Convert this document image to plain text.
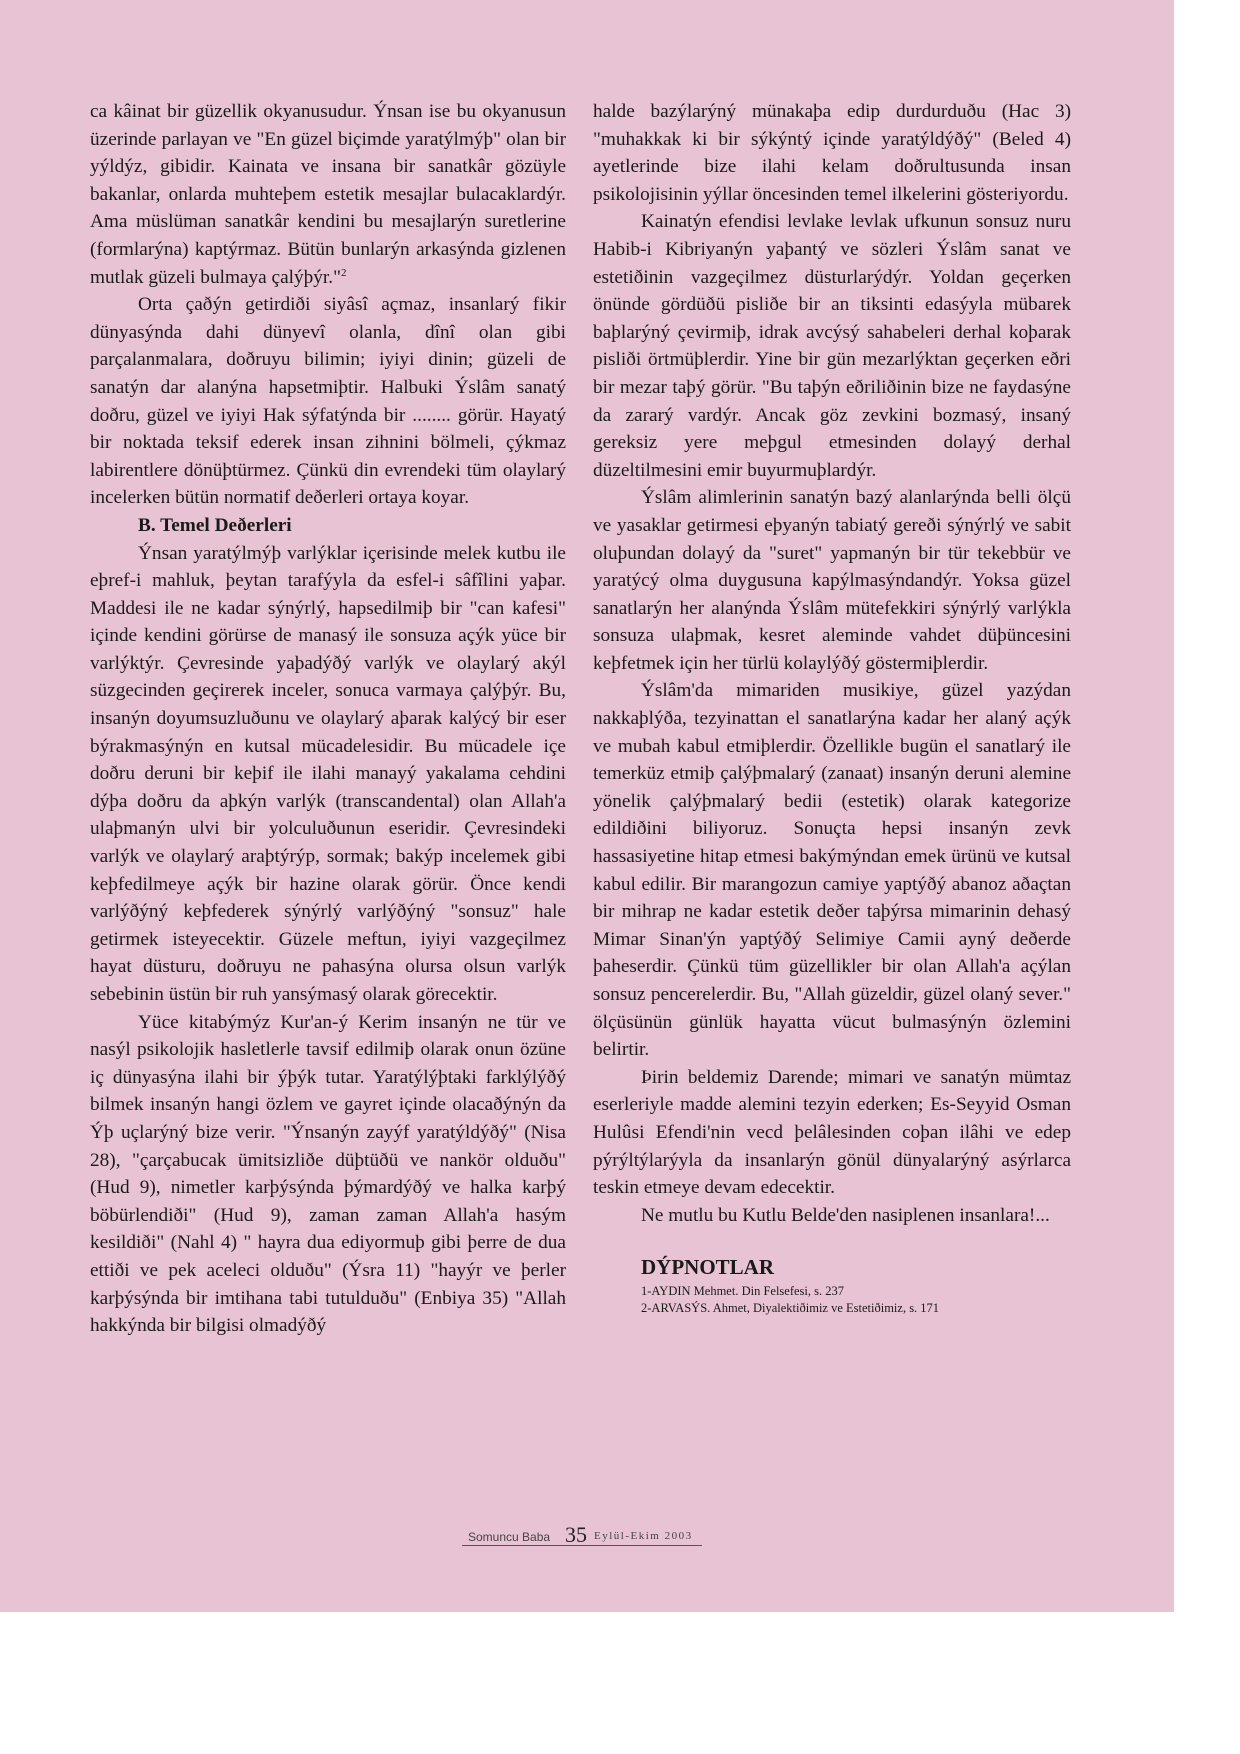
ca kâinat bir güzellik okyanusudur. Ýnsan ise bu okyanusun üzerinde parlayan ve "En güzel biçimde yaratýlmýþ" olan bir yýldýz, gibidir. Kainata ve insana bir sanatkâr gözüyle bakanlar, onlarda muhteþem estetik mesajlar bulacaklardýr. Ama müslüman sanatkâr kendini bu mesajlarýn suretlerine (formlarýna) kaptýrmaz. Bütün bunlarýn arkasýnda gizlenen mutlak güzeli bulmaya çalýþýr."$^2$

Orta çaðýn getirdiði siyâsî açmaz, insanlarý fikir dünyasýnda dahi dünyevî olanla, dînî olan gibi parçalanmalara, doðruyu bilimin; iyiyi dinin; güzeli de sanatýn dar alanýna hapsetmiþtir. Halbuki Ýslâm sanatý doðru, güzel ve iyiyi Hak sýfatýnda bir ........ görür. Hayatý bir noktada teksif ederek insan zihnini bölmeli, çýkmaz labirentlere dönüþtürmez. Çünkü din evrendeki tüm olaylarý incelerken bütün normatif deðerleri ortaya koyar.

B. Temel Deðerleri

Ýnsan yaratýlmýþ varlýklar içerisinde melek kutbu ile eþref-i mahluk, þeytan tarafýyla da esfel-i sâfîlini yaþar. Maddesi ile ne kadar sýnýrlý, hapsedilmiþ bir "can kafesi" içinde kendini görürse de manasý ile sonsuza açýk yüce bir varlýktýr. Çevresinde yaþadýðý varlýk ve olaylarý akýl süzgecinden geçirerek inceler, sonuca varmaya çalýþýr. Bu, insanýn doyumsuzluðunu ve olaylarý aþarak kalýcý bir eser býrakmasýnýn en kutsal mücadelesidir. Bu mücadele içe doðru deruni bir keþif ile ilahi manayý yakalama cehdini dýþa doðru da aþkýn varlýk (transcandental) olan Allah'a ulaþmanýn ulvi bir yolculuðunun eseridir. Çevresindeki varlýk ve olaylarý araþtýrýp, sormak; bakýp incelemek gibi keþfedilmeye açýk bir hazine olarak görür. Önce kendi varlýðýný keþfederek sýnýrlý varlýðýný "sonsuz" hale getirmek isteyecektir. Güzele meftun, iyiyi vazgeçilmez hayat düsturu, doðruyu ne pahasýna olursa olsun varlýk sebebinin üstün bir ruh yansýmasý olarak görecektir.

Yüce kitabýmýz Kur'an-ý Kerim insanýn ne tür ve nasýl psikolojik hasletlerle tavsif edilmiþ olarak onun özüne iç dünyasýna ilahi bir ýþýk tutar. Yaratýlýþtaki farklýlýðý bilmek insanýn hangi özlem ve gayret içinde olacaðýnýn da Ýþ uçlarýný bize verir. "Ýnsanýn zayýf yaratýldýðý" (Nisa 28), "çarçabucak ümitsizliðe düþtüðü ve nankör olduðu" (Hud 9), nimetler karþýsýnda þýmardýðý ve halka karþý böbürlendiði" (Hud 9), zaman zaman Allah'a hasým kesildiði" (Nahl 4) " hayra dua ediyormuþ gibi þerre de dua ettiði ve pek aceleci olduðu" (Ýsra 11) "hayýr ve þerler karþýsýnda bir imtihana tabi tutulduðu" (Enbiya 35) "Allah hakkýnda bir bilgisi olmadýðý

halde bazýlarýný münakaþa edip durdurduðu (Hac 3) "muhakkak ki bir sýkýntý içinde yaratýldýðý" (Beled 4) ayetlerinde bize ilahi kelam doðrultusunda insan psikolojisinin yýllar öncesinden temel ilkelerini göstеriyordu.

Kainatýn efendisi levlake levlak ufkunun sonsuz nuru Habib-i Kibriyanýn yaþantý ve sözleri Ýslâm sanat ve estetiðinin vazgeçilmez düsturlarýdýr. Yoldan geçerken önünde gördüðü pisliðe bir an tiksinti edasýyla mübarek baþlarýný çevirmiþ, idrak avcýsý sahabeleri derhal koþarak pisliði örtmüþlerdir. Yine bir gün mezarlýktan geçerken eðri bir mezar taþý görür. "Bu taþýn eðriliðinin bize ne faydasýne da zararý vardýr. Ancak göz zevkini bozmasý, insaný gereksiz yere meþgul etmesinden dolayý derhal düzeltilmesini emir buyurmuþlardýr.

Ýslâm alimlerinin sanatýn bazý alanlarýnda belli ölçü ve yasaklar getirmesi eþyanýn tabiatý gereði sýnýrlý ve sabit oluþundan dolayý da "suret" yapmanýn bir tür tekebbür ve yaratýcý olma duygusuna kapýlmasýndandýr. Yoksa güzel sanatlarýn her alanýnda Ýslâm mütefekkiri sýnýrlý varlýkla sonsuza ulaþmak, kesret aleminde vahdet düþüncesini keþfetmek için her türlü kolaylýðý göstermiþlerdir.

Ýslâm'da mimariden musikiye, güzel yazýdan nakkaþlýða, tezyinattan el sanatlarýna kadar her alaný açýk ve mubah kabul etmiþlerdir. Özellikle bugün el sanatlarý ile temerküz etmiþ çalýþmalarý (zanaat) insanýn deruni alemine yönelik çalýþmalarý bedii (estetik) olarak kategorize edildiðini biliyoruz. Sonuçta hepsi insanýn zevk hassasiyetine hitap etmesi bakýmýndan emek ürünü ve kutsal kabul edilir. Bir marangozun camiye yaptýðý abanoz aðaçtan bir mihrap ne kadar estetik deðer taþýrsa mimarinin dehasý Mimar Sinan'ýn yaptýðý Selimiye Camii ayný deðerde þaheserdir. Çünkü tüm güzellikler bir olan Allah'a açýlan sonsuz pencerelerdir. Bu, "Allah güzeldir, güzel olaný sever." ölçüsünün günlük hayatta vücut bulmasýnýn özlemini belirtir.

Þirin beldemiz Darende; mimari ve sanatýn mümtaz eserleriyle madde alemini tezyin ederken; Es-Seyyid Osman Hulûsi Efendi'nin vecd þelâlesinden coþan ilâhi ve edep pýrýltýlarýyla da insanlarýn gönül dünyalarýný asýrlarca teskin etmeye devam edecektir.

Ne mutlu bu Kutlu Belde'den nasiplenen insanlara!...

DÝPNOTLAR
1-AYDIN Mehmet. Din Felsefesi, s. 237
2-ARVASÝS. Ahmet, Diyalektiðimiz ve Estetiðimiz, s. 171
Somuncu Baba 35 Eylül-Ekim 2003
